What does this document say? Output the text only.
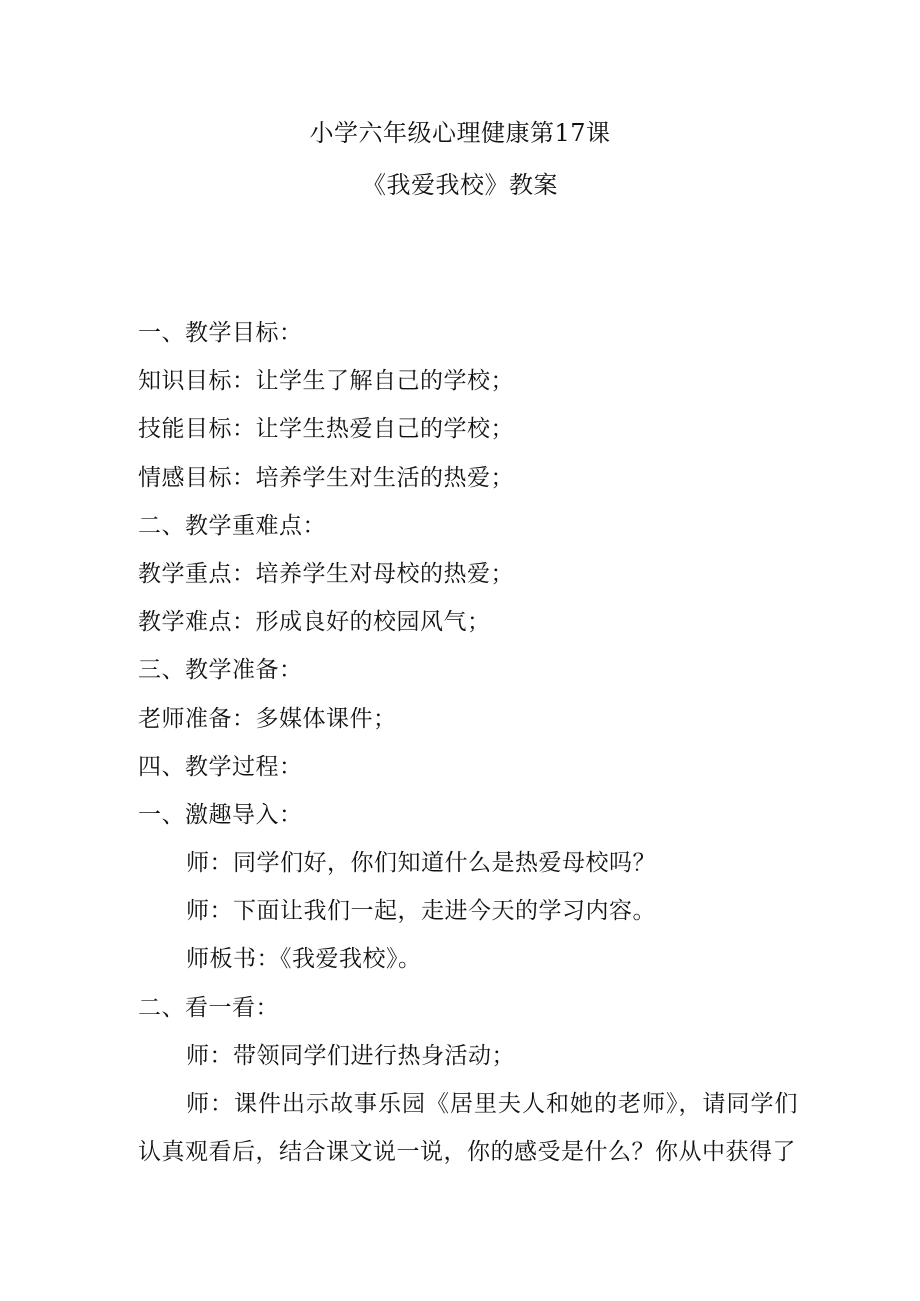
小学六年级心理健康第17课
《我爱我校》教案
一、教学目标：
知识目标：让学生了解自己的学校；
技能目标：让学生热爱自己的学校；
情感目标：培养学生对生活的热爱；
二、教学重难点：
教学重点：培养学生对母校的热爱；
教学难点：形成良好的校园风气；
三、教学准备：
老师准备：多媒体课件；
四、教学过程：
一、激趣导入：
师：同学们好，你们知道什么是热爱母校吗？
师：下面让我们一起，走进今天的学习内容。
师板书：《我爱我校》。
二、看一看：
师：带领同学们进行热身活动；
师：课件出示故事乐园《居里夫人和她的老师》，请同学们认真观看后，结合课文说一说，你的感受是什么？你从中获得了
